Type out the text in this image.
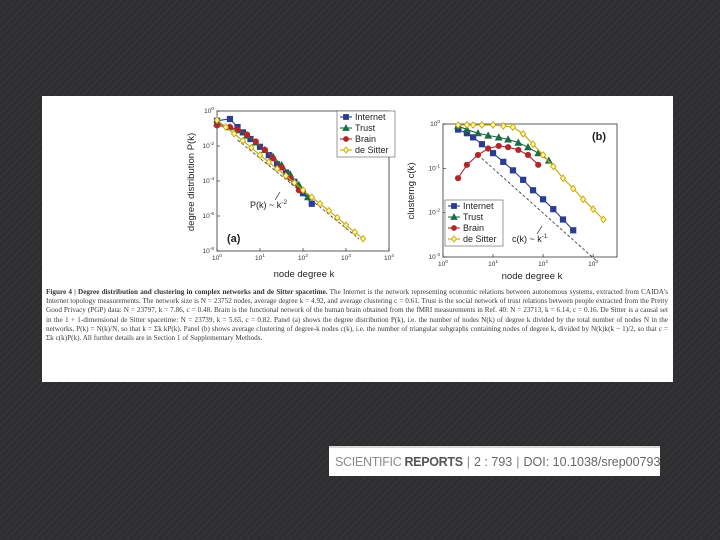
$10^0$	$10^1$	$10^2$	$10^3$	$10^4$
$10^0$
$10^{-2}$
$10^{-4}$
$10^{-6}$
$10^{-8}$
node degree k
degree distribution P(k)
(a)
P(k) ~ $k^{-2}$
Internet
Trust
Brain
de Sitter
$10^0$	$10^1$	$10^2$	$10^3$
$10^0$
$10^{-1}$
$10^{-2}$
$10^{-3}$
node degree k
clusterng c(k)
(b)
c(k) ~ $k^{-1}$
Internet
Trust
Brain
de Sitter
Figure 4 | Degree distribution and clustering in complex networks and de Sitter spacetime. The Internet is the network representing economic relations between autonomous systems, extracted from CAIDA's Internet topology measurements. The network size is N = 23752 nodes, average degree k = 4.92, and average clustering c = 0.61. Trust is the social network of trust relations between people extracted from the Pretty Good Privacy (PGP) data: N = 23797, k = 7.86, c = 0.48. Brain is the functional network of the human brain obtained from the fMRI measurements in Ref. 40: N = 23713, k = 6.14, c = 0.16. De Sitter is a causal set in the 1 + 1-dimensional de Sitter spacetime: N = 23739, k = 5.65, c = 0.82. Panel (a) shows the degree distribution P(k), i.e. the number of nodes N(k) of degree k divided by the total number of nodes N in the networks, P(k) = N(k)/N, so that k = Σk kP(k). Panel (b) shows average clustering of degree-k nodes c(k), i.e. the number of triangular subgraphs containing nodes of degree k, divided by N(k)k(k − 1)/2, so that c = Σk c(k)P(k). All further details are in Section 1 of Supplementary Methods.
SCIENTIFIC REPORTS | 2 : 793 | DOI: 10.1038/srep00793
